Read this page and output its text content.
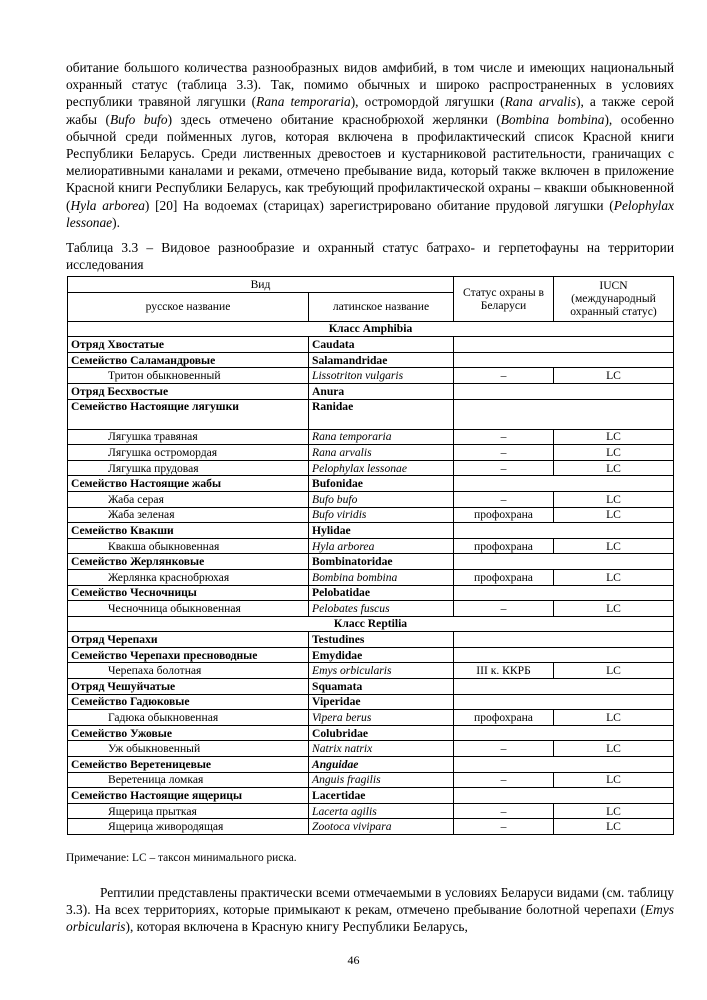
обитание большого количества разнообразных видов амфибий, в том числе и имеющих национальный охранный статус (таблица 3.3). Так, помимо обычных и широко распространенных в условиях республики травяной лягушки (Rana temporaria), остромордой лягушки (Rana arvalis), а также серой жабы (Bufo bufo) здесь отмечено обитание краснобрюхой жерлянки (Bombina bombina), особенно обычной среди пойменных лугов, которая включена в профилактический список Красной книги Республики Беларусь. Среди лиственных древостоев и кустарниковой растительности, граничащих с мелиоративными каналами и реками, отмечено пребывание вида, который также включен в приложение Красной книги Республики Беларусь, как требующий профилактической охраны – квакши обыкновенной (Hyla arborea) [20] На водоемах (старицах) зарегистрировано обитание прудовой лягушки (Pelophylax lessonae).

Таблица 3.3 – Видовое разнообразие и охранный статус батрахо- и герпетофауны на территории исследования

Вид		Статус охраны в Беларуси	IUCN (международный охранный статус)
русское название	латинское название		
Класс Amphibia			
Отряд Хвостатые	Caudata		
Семейство Саламандровые	Salamandridae		
Тритон обыкновенный	Lissotriton vulgaris	–	LC
Отряд Бесхвостые	Anura		
Семейство Настоящие лягушки	Ranidae		
Лягушка травяная	Rana temporaria	–	LC
Лягушка остромордая	Rana arvalis	–	LC
Лягушка прудовая	Pelophylax lessonae	–	LC
Семейство Настоящие жабы	Bufonidae		
Жаба серая	Bufo bufo	–	LC
Жаба зеленая	Bufo viridis	профохрана	LC
Семейство Квакши	Hylidae		
Квакша обыкновенная	Hyla arborea	профохрана	LC
Семейство Жерлянковые	Bombinatoridae		
Жерлянка краснобрюхая	Bombina bombina	профохрана	LC
Семейство Чесночницы	Pelobatidae		
Чесночница обыкновенная	Pelobates fuscus	–	LC
Класс Reptilia			
Отряд Черепахи	Testudines		
Семейство Черепахи пресноводные	Emydidae		
Черепаха болотная	Emys orbicularis	III к. ККРБ	LC
Отряд Чешуйчатые	Squamata		
Семейство Гадюковые	Viperidae		
Гадюка обыкновенная	Vipera berus	профохрана	LC
Семейство Ужовые	Colubridae		
Уж обыкновенный	Natrix natrix	–	LC
Семейство Веретеницевые	Anguidae		
Веретеница ломкая	Anguis fragilis	–	LC
Семейство Настоящие ящерицы	Lacertidae		
Ящерица прыткая	Lacerta agilis	–	LC
Ящерица живородящая	Zootoca vivipara	–	LC

Примечание: LC – таксон минимального риска.

Рептилии представлены практически всеми отмечаемыми в условиях Беларуси видами (см. таблицу 3.3). На всех территориях, которые примыкают к рекам, отмечено пребывание болотной черепахи (Emys orbicularis), которая включена в Красную книгу Республики Беларусь,

46
